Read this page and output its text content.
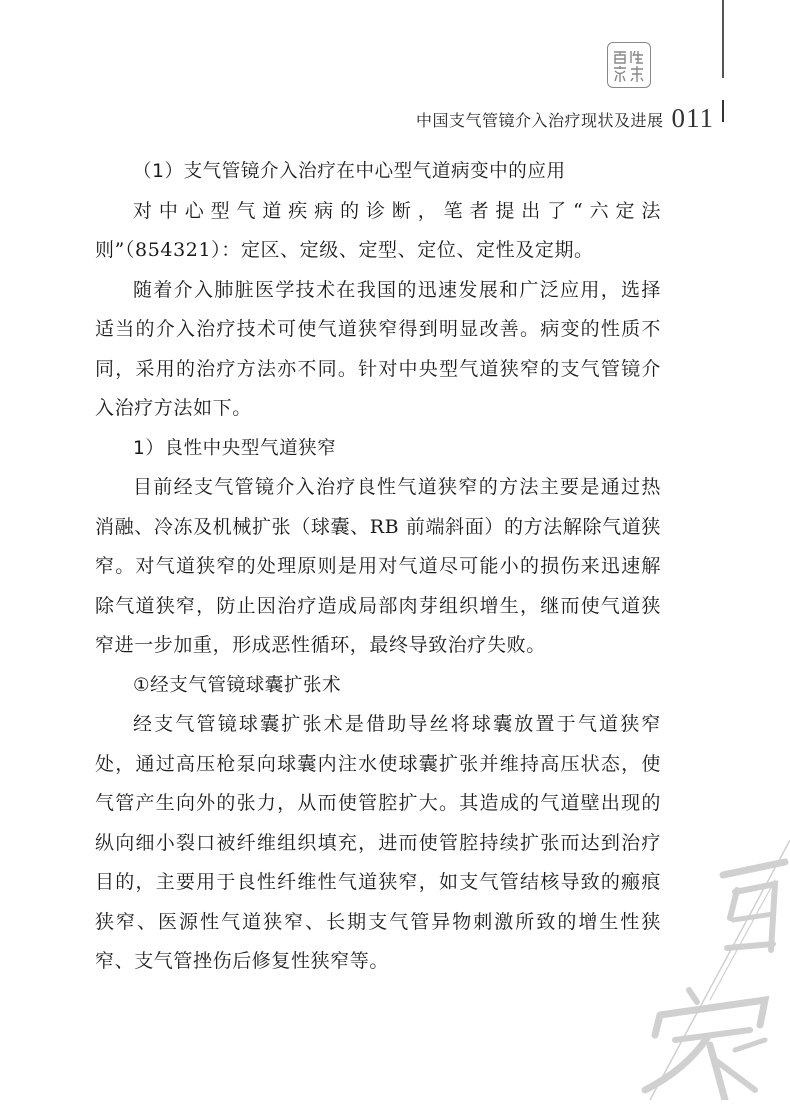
中国支气管镜介入治疗现状及进展 011

（1）支气管镜介入治疗在中心型气道病变中的应用

对中心型气道疾病的诊断，笔者提出了“六定法则”（854321）：定区、定级、定型、定位、定性及定期。

随着介入肺脏医学技术在我国的迅速发展和广泛应用，选择适当的介入治疗技术可使气道狭窄得到明显改善。病变的性质不同，采用的治疗方法亦不同。针对中央型气道狭窄的支气管镜介入治疗方法如下。

1）良性中央型气道狭窄

目前经支气管镜介入治疗良性气道狭窄的方法主要是通过热消融、冷冻及机械扩张（球囊、RB 前端斜面）的方法解除气道狭窄。对气道狭窄的处理原则是用对气道尽可能小的损伤来迅速解除气道狭窄，防止因治疗造成局部肉芽组织增生，继而使气道狭窄进一步加重，形成恶性循环，最终导致治疗失败。

①经支气管镜球囊扩张术

经支气管镜球囊扩张术是借助导丝将球囊放置于气道狭窄处，通过高压枪泵向球囊内注水使球囊扩张并维持高压状态，使气管产生向外的张力，从而使管腔扩大。其造成的气道壁出现的纵向细小裂口被纤维组织填充，进而使管腔持续扩张而达到治疗目的，主要用于良性纤维性气道狭窄，如支气管结核导致的瘢痕狭窄、医源性气道狭窄、长期支气管异物刺激所致的增生性狭窄、支气管挫伤后修复性狭窄等。
